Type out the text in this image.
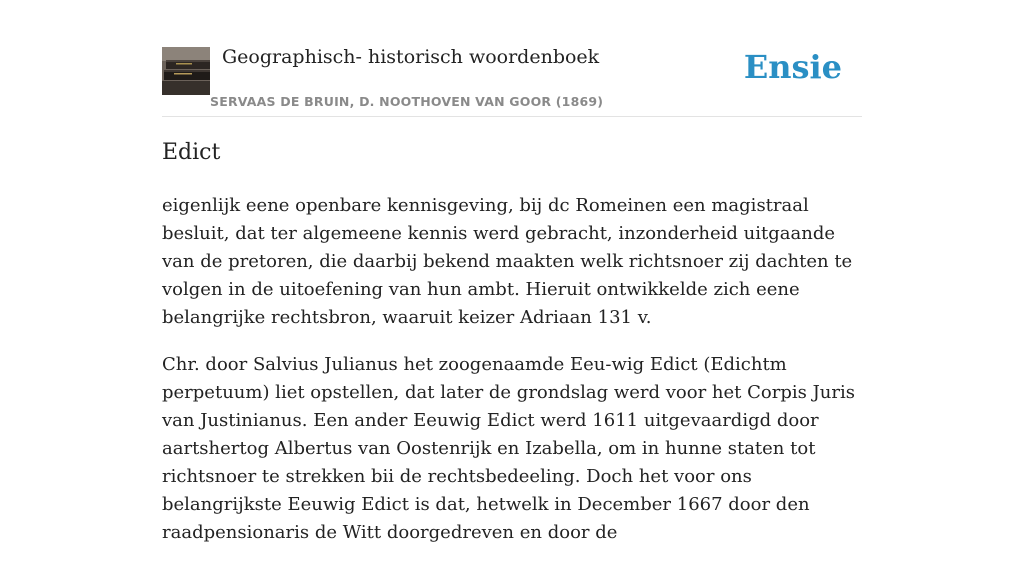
Geographisch- historisch woordenboek
SERVAAS DE BRUIN, D. NOOTHOVEN VAN GOOR (1869)
Ensie
Edict

eigenlijk eene openbare kennisgeving, bij dc Romeinen een magistraal besluit, dat ter algemeene kennis werd gebracht, inzonderheid uitgaande van de pretoren, die daarbij bekend maakten welk richtsnoer zij dachten te volgen in de uitoefening van hun ambt. Hieruit ontwikkelde zich eene belangrijke rechtsbron, waaruit keizer Adriaan 131 v.

Chr. door Salvius Julianus het zoogenaamde Eeu-wig Edict (Edichtm perpetuum) liet opstellen, dat later de grondslag werd voor het Corpis Juris van Justinianus. Een ander Eeuwig Edict werd 1611 uitgevaardigd door aartshertog Albertus van Oostenrijk en Izabella, om in hunne staten tot richtsnoer te strekken bii de rechtsbedeeling. Doch het voor ons belangrijkste Eeuwig Edict is dat, hetwelk in December 1667 door den raadpensionaris de Witt doorgedreven en door de
